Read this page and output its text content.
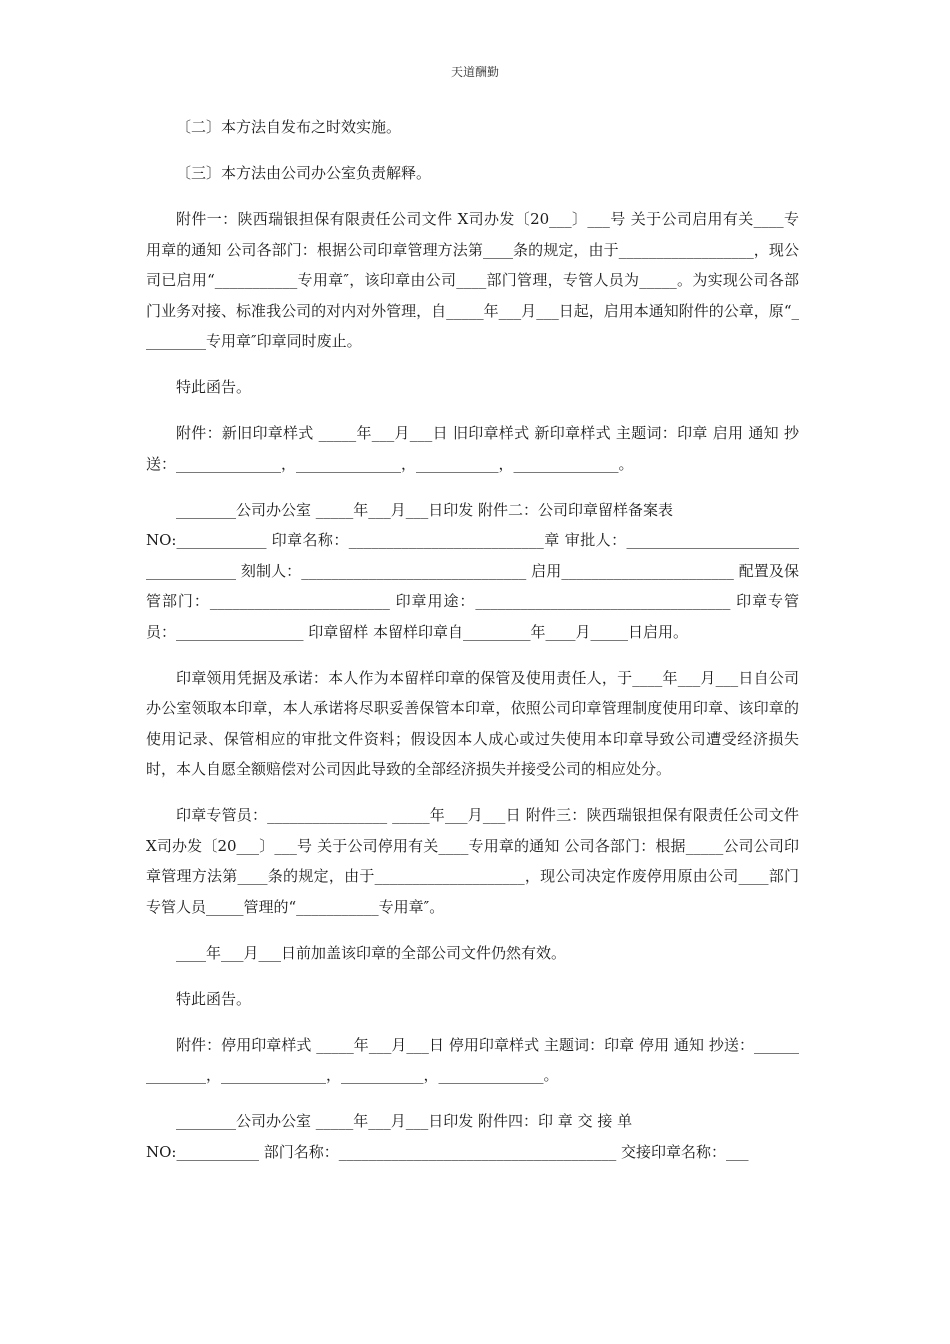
天道酬勤

〔二〕本方法自发布之时效实施。

〔三〕本方法由公司办公室负责解释。

附件一：陕西瑞银担保有限责任公司文件 X司办发〔20___〕___号 关于公司启用有关____专用章的通知 公司各部门：根据公司印章管理方法第____条的规定，由于__________________，现公司已启用“___________专用章″，该印章由公司____部门管理，专管人员为_____。为实现公司各部门业务对接、标准我公司的对内对外管理，自_____年___月___日起，启用本通知附件的公章，原“_________专用章″印章同时废止。

特此函告。

附件：新旧印章样式 _____年___月___日 旧印章样式 新印章样式 主题词：印章 启用 通知 抄送：______________，______________，___________，______________。

________公司办公室 _____年___月___日印发 附件二：公司印章留样备案表

NO:____________ 印章名称：__________________________章 审批人：___________________________________ 刻制人：______________________________ 启用_______________________ 配置及保管部门：________________________ 印章用途：__________________________________ 印章专管员：_________________ 印章留样 本留样印章自_________年____月_____日启用。

印章领用凭据及承诺：本人作为本留样印章的保管及使用责任人，于____年___月___日自公司办公室领取本印章，本人承诺将尽职妥善保管本印章，依照公司印章管理制度使用印章、该印章的使用记录、保管相应的审批文件资料；假设因本人成心或过失使用本印章导致公司遭受经济损失时，本人自愿全额赔偿对公司因此导致的全部经济损失并接受公司的相应处分。

印章专管员：________________ _____年___月___日 附件三：陕西瑞银担保有限责任公司文件 X司办发〔20___〕___号 关于公司停用有关____专用章的通知 公司各部门：根据_____公司公司印章管理方法第____条的规定，由于____________________，现公司决定作废停用原由公司____部门专管人员_____管理的“___________专用章″。

____年___月___日前加盖该印章的全部公司文件仍然有效。

特此函告。

附件：停用印章样式 _____年___月___日 停用印章样式 主题词：印章 停用 通知 抄送：______________，______________，___________，______________。

________公司办公室 _____年___月___日印发 附件四：印 章 交 接 单

NO:___________ 部门名称：_____________________________________ 交接印章名称：___
